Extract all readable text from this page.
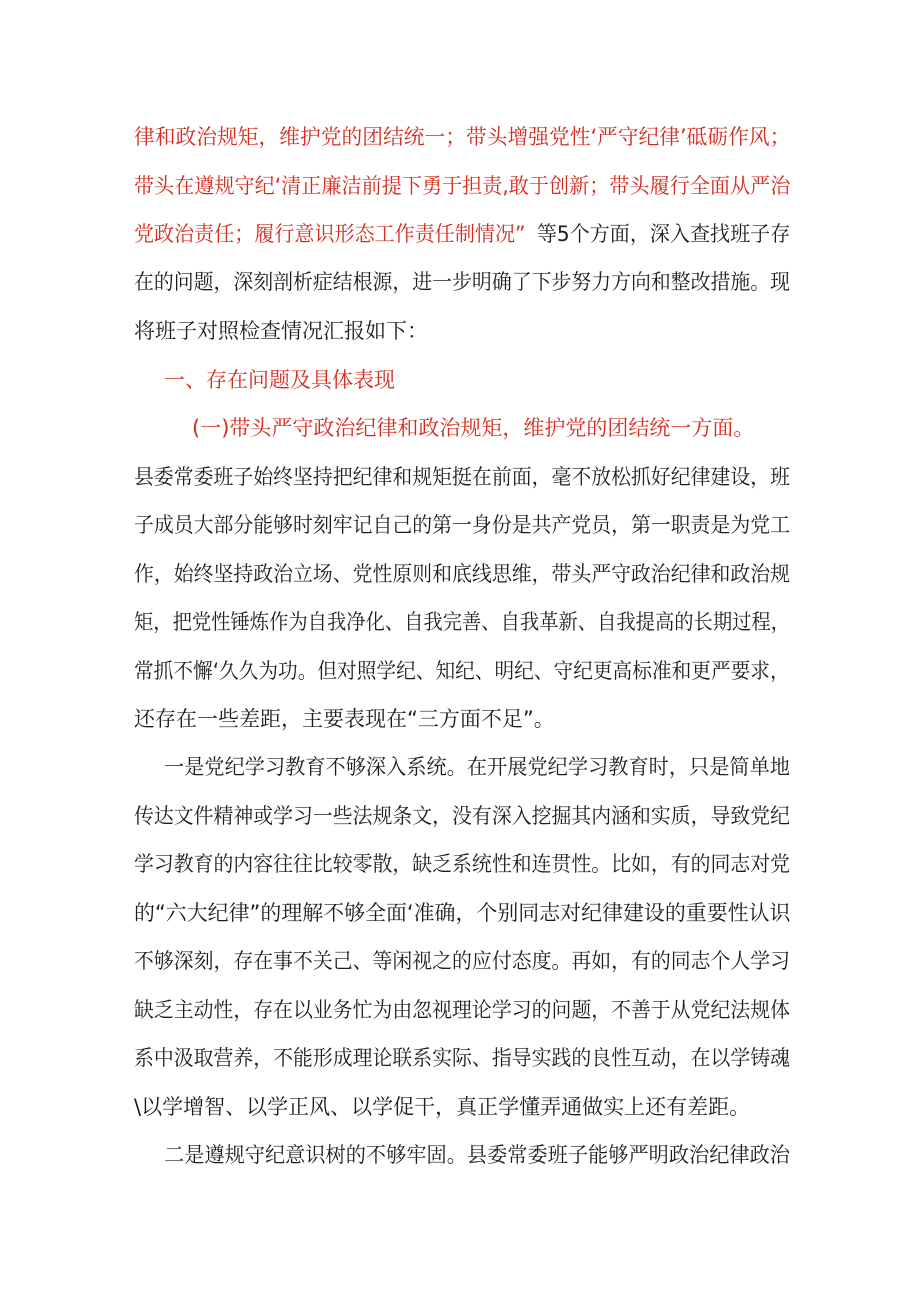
律和政治规矩，维护党的团结统一；带头增强党性‘严守纪律’砥砺作风；
带头在遵规守纪‘清正廉洁前提下勇于担责,敢于创新；带头履行全面从严治
党政治责任；履行意识形态工作责任制情况” 等5个方面，深入查找班子存
在的问题，深刻剖析症结根源，进一步明确了下步努力方向和整改措施。现
将班子对照检查情况汇报如下：
一、存在问题及具体表现
(一)带头严守政治纪律和政治规矩，维护党的团结统一方面。
县委常委班子始终坚持把纪律和规矩挺在前面，毫不放松抓好纪律建设，班
子成员大部分能够时刻牢记自己的第一身份是共产党员，第一职责是为党工
作，始终坚持政治立场、党性原则和底线思维，带头严守政治纪律和政治规
矩，把党性锤炼作为自我净化、自我完善、自我革新、自我提高的长期过程，
常抓不懈‘久久为功。但对照学纪、知纪、明纪、守纪更高标准和更严要求，
还存在一些差距，主要表现在“三方面不足”。
一是党纪学习教育不够深入系统。在开展党纪学习教育时，只是简单地
传达文件精神或学习一些法规条文，没有深入挖掘其内涵和实质，导致党纪
学习教育的内容往往比较零散，缺乏系统性和连贯性。比如，有的同志对党
的“六大纪律”的理解不够全面‘准确，个别同志对纪律建设的重要性认识
不够深刻，存在事不关己、等闲视之的应付态度。再如，有的同志个人学习
缺乏主动性，存在以业务忙为由忽视理论学习的问题，不善于从党纪法规体
系中汲取营养，不能形成理论联系实际、指导实践的良性互动，在以学铸魂
\以学增智、以学正风、以学促干，真正学懂弄通做实上还有差距。
二是遵规守纪意识树的不够牢固。县委常委班子能够严明政治纪律政治
